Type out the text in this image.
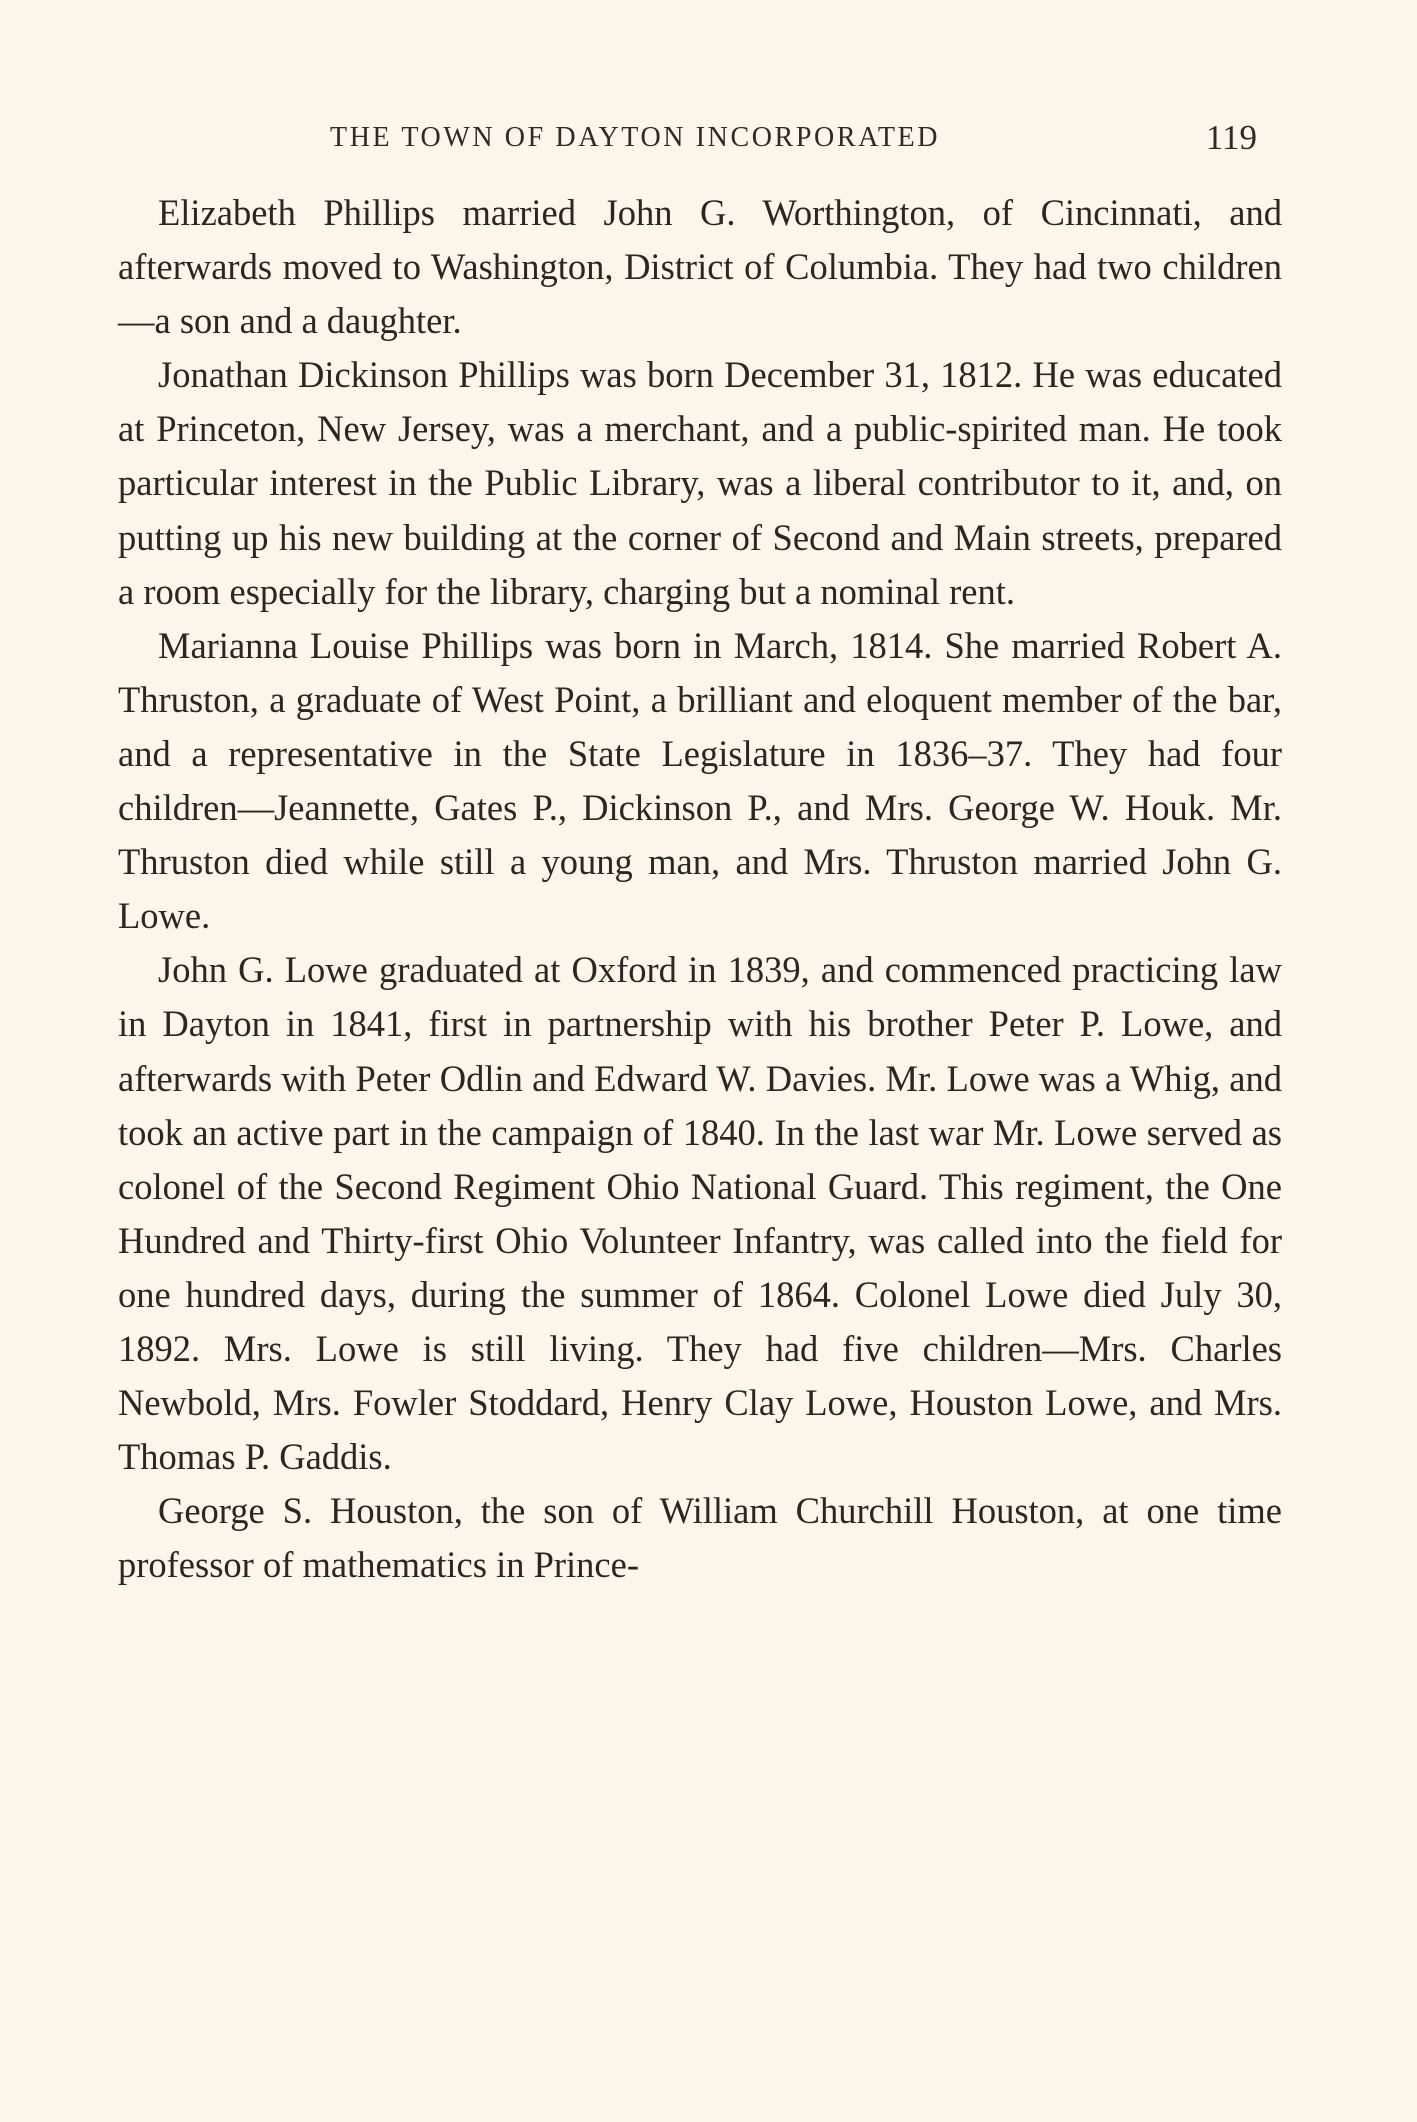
THE TOWN OF DAYTON INCORPORATED	119

Elizabeth Phillips married John G. Worthington, of Cincinnati, and afterwards moved to Washington, District of Columbia. They had two children—a son and a daughter.

Jonathan Dickinson Phillips was born December 31, 1812. He was educated at Princeton, New Jersey, was a merchant, and a public-spirited man. He took particular interest in the Public Library, was a liberal contributor to it, and, on putting up his new building at the corner of Second and Main streets, prepared a room especially for the library, charging but a nominal rent.

Marianna Louise Phillips was born in March, 1814. She married Robert A. Thruston, a graduate of West Point, a brilliant and eloquent member of the bar, and a representative in the State Legislature in 1836–37. They had four children—Jeannette, Gates P., Dickinson P., and Mrs. George W. Houk. Mr. Thruston died while still a young man, and Mrs. Thruston married John G. Lowe.

John G. Lowe graduated at Oxford in 1839, and commenced practicing law in Dayton in 1841, first in partnership with his brother Peter P. Lowe, and afterwards with Peter Odlin and Edward W. Davies. Mr. Lowe was a Whig, and took an active part in the campaign of 1840. In the last war Mr. Lowe served as colonel of the Second Regiment Ohio National Guard. This regiment, the One Hundred and Thirty-first Ohio Volunteer Infantry, was called into the field for one hundred days, during the summer of 1864. Colonel Lowe died July 30, 1892. Mrs. Lowe is still living. They had five children—Mrs. Charles Newbold, Mrs. Fowler Stoddard, Henry Clay Lowe, Houston Lowe, and Mrs. Thomas P. Gaddis.

George S. Houston, the son of William Churchill Houston, at one time professor of mathematics in Prince-
